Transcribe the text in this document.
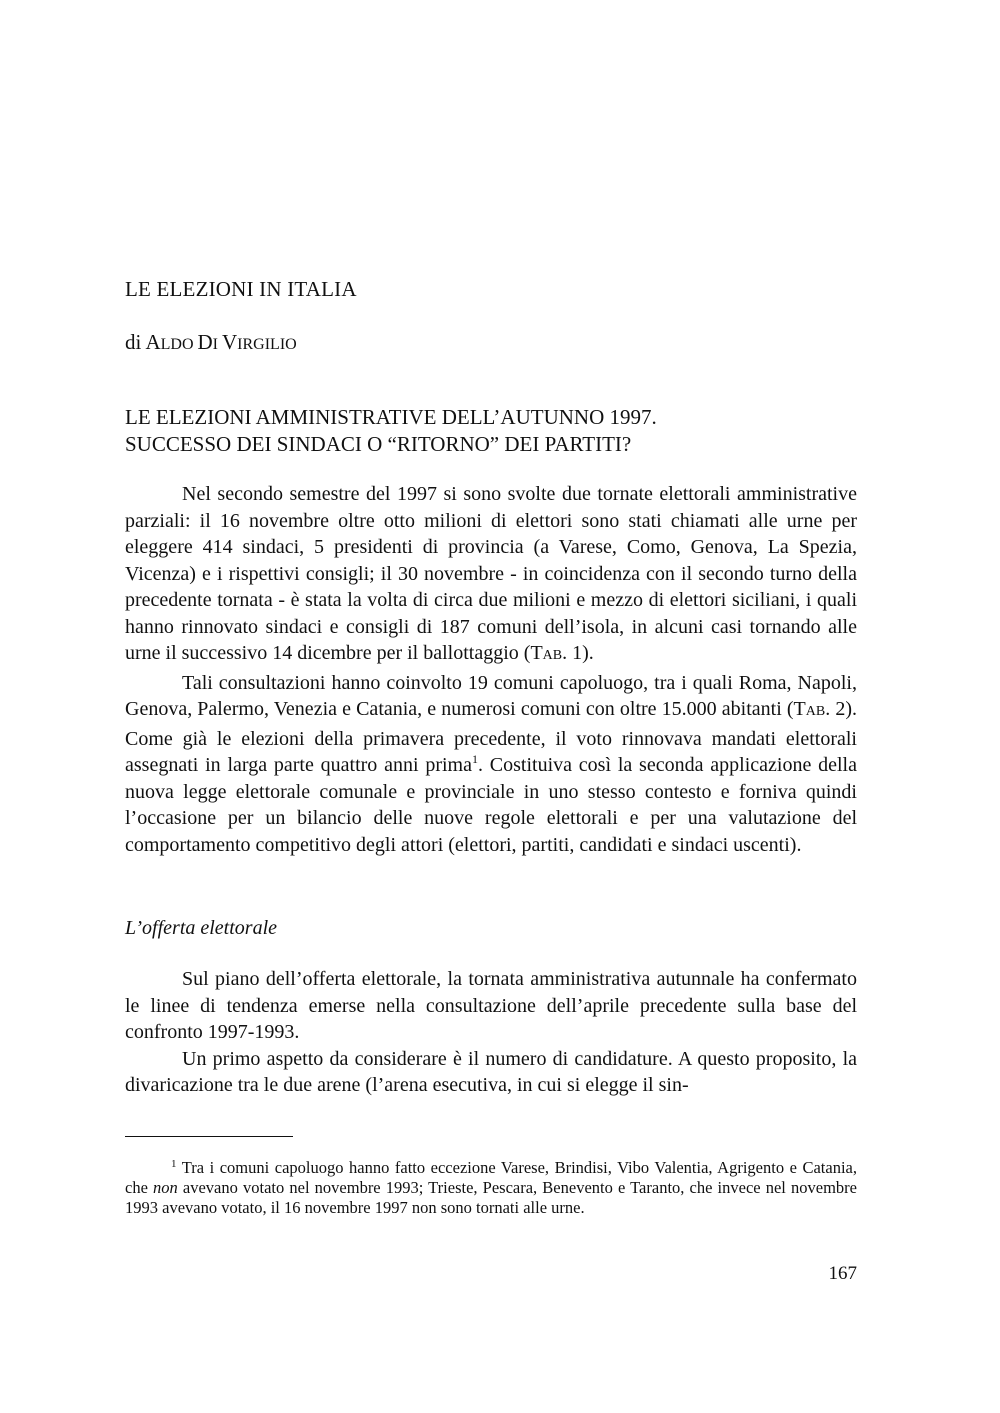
LE ELEZIONI IN ITALIA
di ALDO DI VIRGILIO
LE ELEZIONI AMMINISTRATIVE DELL’AUTUNNO 1997.
SUCCESSO DEI SINDACI O “RITORNO” DEI PARTITI?

Nel secondo semestre del 1997 si sono svolte due tornate elettorali amministrative parziali: il 16 novembre oltre otto milioni di elettori sono stati chiamati alle urne per eleggere 414 sindaci, 5 presidenti di provincia (a Varese, Como, Genova, La Spezia, Vicenza) e i rispettivi consigli; il 30 novembre - in coincidenza con il secondo turno della precedente tornata - è stata la volta di circa due milioni e mezzo di elettori siciliani, i quali hanno rinnovato sindaci e consigli di 187 comuni dell’isola, in alcuni casi tornando alle urne il successivo 14 dicembre per il ballottaggio (TAB. 1).

Tali consultazioni hanno coinvolto 19 comuni capoluogo, tra i quali Roma, Napoli, Genova, Palermo, Venezia e Catania, e numerosi comuni con oltre 15.000 abitanti (TAB. 2). Come già le elezioni della primavera precedente, il voto rinnovava mandati elettorali assegnati in larga parte quattro anni prima$^1$. Costituiva così la seconda applicazione della nuova legge elettorale comunale e provinciale in uno stesso contesto e forniva quindi l’occasione per un bilancio delle nuove regole elettorali e per una valutazione del comportamento competitivo degli attori (elettori, partiti, candidati e sindaci uscenti).

L’offerta elettorale

Sul piano dell’offerta elettorale, la tornata amministrativa autunnale ha confermato le linee di tendenza emerse nella consultazione dell’aprile precedente sulla base del confronto 1997-1993.

Un primo aspetto da considerare è il numero di candidature. A questo proposito, la divaricazione tra le due arene (l’arena esecutiva, in cui si elegge il sin-

$^1$ Tra i comuni capoluogo hanno fatto eccezione Varese, Brindisi, Vibo Valentia, Agrigento e Catania, che non avevano votato nel novembre 1993; Trieste, Pescara, Benevento e Taranto, che invece nel novembre 1993 avevano votato, il 16 novembre 1997 non sono tornati alle urne.

167
